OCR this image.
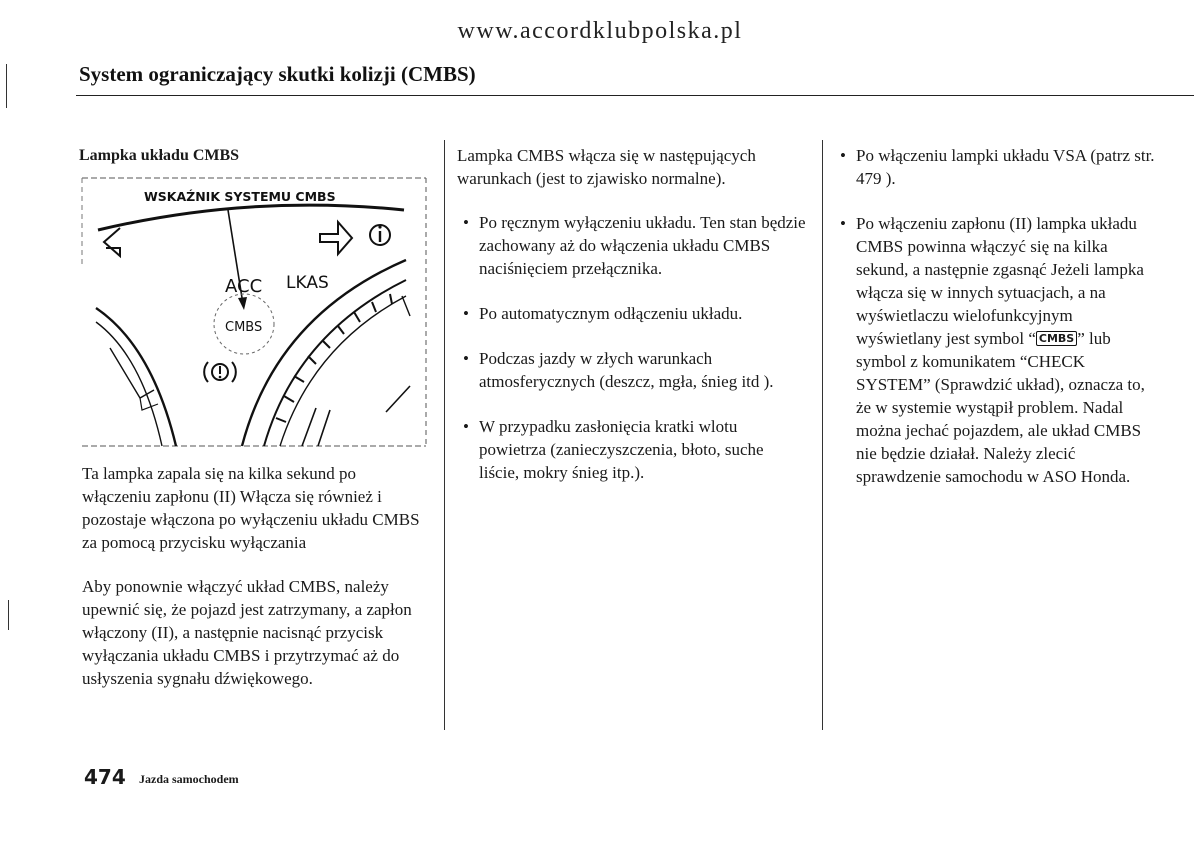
www.accordklubpolska.pl
System ograniczający skutki kolizji (CMBS)
Lampka układu CMBS
WSKAŹNIK SYSTEMU CMBS
ACC LKAS
CMBS
Ta lampka zapala się na kilka sekund po włączeniu zapłonu (II) Włącza się również i pozostaje włączona po wyłączeniu układu CMBS za pomocą przycisku wyłączania
Aby ponownie włączyć układ CMBS, należy upewnić się, że pojazd jest zatrzymany, a zapłon włączony (II), a następnie nacisnąć przycisk wyłączania układu CMBS i przytrzymać aż do usłyszenia sygnału dźwiękowego.
Lampka CMBS włącza się w następujących warunkach (jest to zjawisko normalne).
• Po ręcznym wyłączeniu układu. Ten stan będzie zachowany aż do włączenia układu CMBS naciśnięciem przełącznika.
• Po automatycznym odłączeniu układu.
• Podczas jazdy w złych warunkach atmosferycznych (deszcz, mgła, śnieg itd ).
• W przypadku zasłonięcia kratki wlotu powietrza (zanieczyszczenia, błoto, suche liście, mokry śnieg itp.).
• Po włączeniu lampki układu VSA (patrz str. 479 ).
• Po włączeniu zapłonu (II) lampka układu CMBS powinna włączyć się na kilka sekund, a następnie zgasnąć Jeżeli lampka włącza się w innych sytuacjach, a na wyświetlaczu wielofunkcyjnym wyświetlany jest symbol “ CMBS ” lub symbol z komunikatem “CHECK SYSTEM” (Sprawdzić układ), oznacza to, że w systemie wystąpił problem. Nadal można jechać pojazdem, ale układ CMBS nie będzie działał. Należy zlecić sprawdzenie samochodu w ASO Honda.
474 Jazda samochodem
